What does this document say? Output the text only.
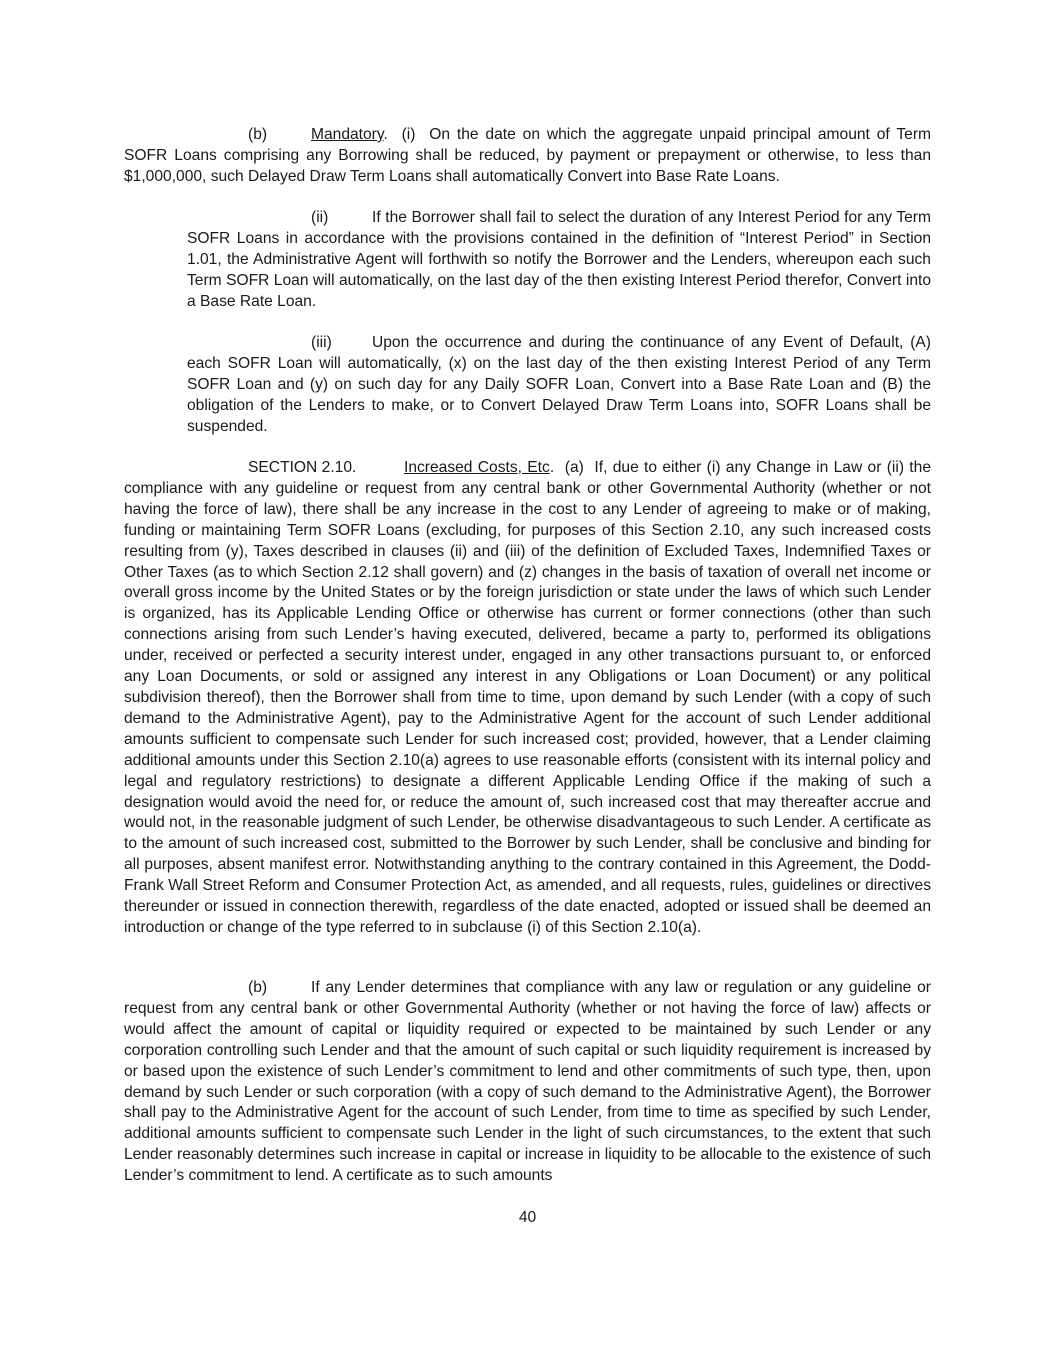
(b)	Mandatory.  (i) On the date on which the aggregate unpaid principal amount of Term SOFR Loans comprising any Borrowing shall be reduced, by payment or prepayment or otherwise, to less than $1,000,000, such Delayed Draw Term Loans shall automatically Convert into Base Rate Loans.

(ii)	If the Borrower shall fail to select the duration of any Interest Period for any Term SOFR Loans in accordance with the provisions contained in the definition of “Interest Period” in Section 1.01, the Administrative Agent will forthwith so notify the Borrower and the Lenders, whereupon each such Term SOFR Loan will automatically, on the last day of the then existing Interest Period therefor, Convert into a Base Rate Loan.

(iii)	Upon the occurrence and during the continuance of any Event of Default, (A) each SOFR Loan will automatically, (x) on the last day of the then existing Interest Period of any Term SOFR Loan and (y) on such day for any Daily SOFR Loan, Convert into a Base Rate Loan and (B) the obligation of the Lenders to make, or to Convert Delayed Draw Term Loans into, SOFR Loans shall be suspended.

SECTION 2.10.	Increased Costs, Etc.  (a) If, due to either (i) any Change in Law or (ii) the compliance with any guideline or request from any central bank or other Governmental Authority (whether or not having the force of law), there shall be any increase in the cost to any Lender of agreeing to make or of making, funding or maintaining Term SOFR Loans (excluding, for purposes of this Section 2.10, any such increased costs resulting from (y), Taxes described in clauses (ii) and (iii) of the definition of Excluded Taxes, Indemnified Taxes or Other Taxes (as to which Section 2.12 shall govern) and (z) changes in the basis of taxation of overall net income or overall gross income by the United States or by the foreign jurisdiction or state under the laws of which such Lender is organized, has its Applicable Lending Office or otherwise has current or former connections (other than such connections arising from such Lender’s having executed, delivered, became a party to, performed its obligations under, received or perfected a security interest under, engaged in any other transactions pursuant to, or enforced any Loan Documents, or sold or assigned any interest in any Obligations or Loan Document) or any political subdivision thereof), then the Borrower shall from time to time, upon demand by such Lender (with a copy of such demand to the Administrative Agent), pay to the Administrative Agent for the account of such Lender additional amounts sufficient to compensate such Lender for such increased cost; provided, however, that a Lender claiming additional amounts under this Section 2.10(a) agrees to use reasonable efforts (consistent with its internal policy and legal and regulatory restrictions) to designate a different Applicable Lending Office if the making of such a designation would avoid the need for, or reduce the amount of, such increased cost that may thereafter accrue and would not, in the reasonable judgment of such Lender, be otherwise disadvantageous to such Lender. A certificate as to the amount of such increased cost, submitted to the Borrower by such Lender, shall be conclusive and binding for all purposes, absent manifest error. Notwithstanding anything to the contrary contained in this Agreement, the Dodd-Frank Wall Street Reform and Consumer Protection Act, as amended, and all requests, rules, guidelines or directives thereunder or issued in connection therewith, regardless of the date enacted, adopted or issued shall be deemed an introduction or change of the type referred to in subclause (i) of this Section 2.10(a).

(b)	If any Lender determines that compliance with any law or regulation or any guideline or request from any central bank or other Governmental Authority (whether or not having the force of law) affects or would affect the amount of capital or liquidity required or expected to be maintained by such Lender or any corporation controlling such Lender and that the amount of such capital or such liquidity requirement is increased by or based upon the existence of such Lender’s commitment to lend and other commitments of such type, then, upon demand by such Lender or such corporation (with a copy of such demand to the Administrative Agent), the Borrower shall pay to the Administrative Agent for the account of such Lender, from time to time as specified by such Lender, additional amounts sufficient to compensate such Lender in the light of such circumstances, to the extent that such Lender reasonably determines such increase in capital or increase in liquidity to be allocable to the existence of such Lender’s commitment to lend. A certificate as to such amounts

40
